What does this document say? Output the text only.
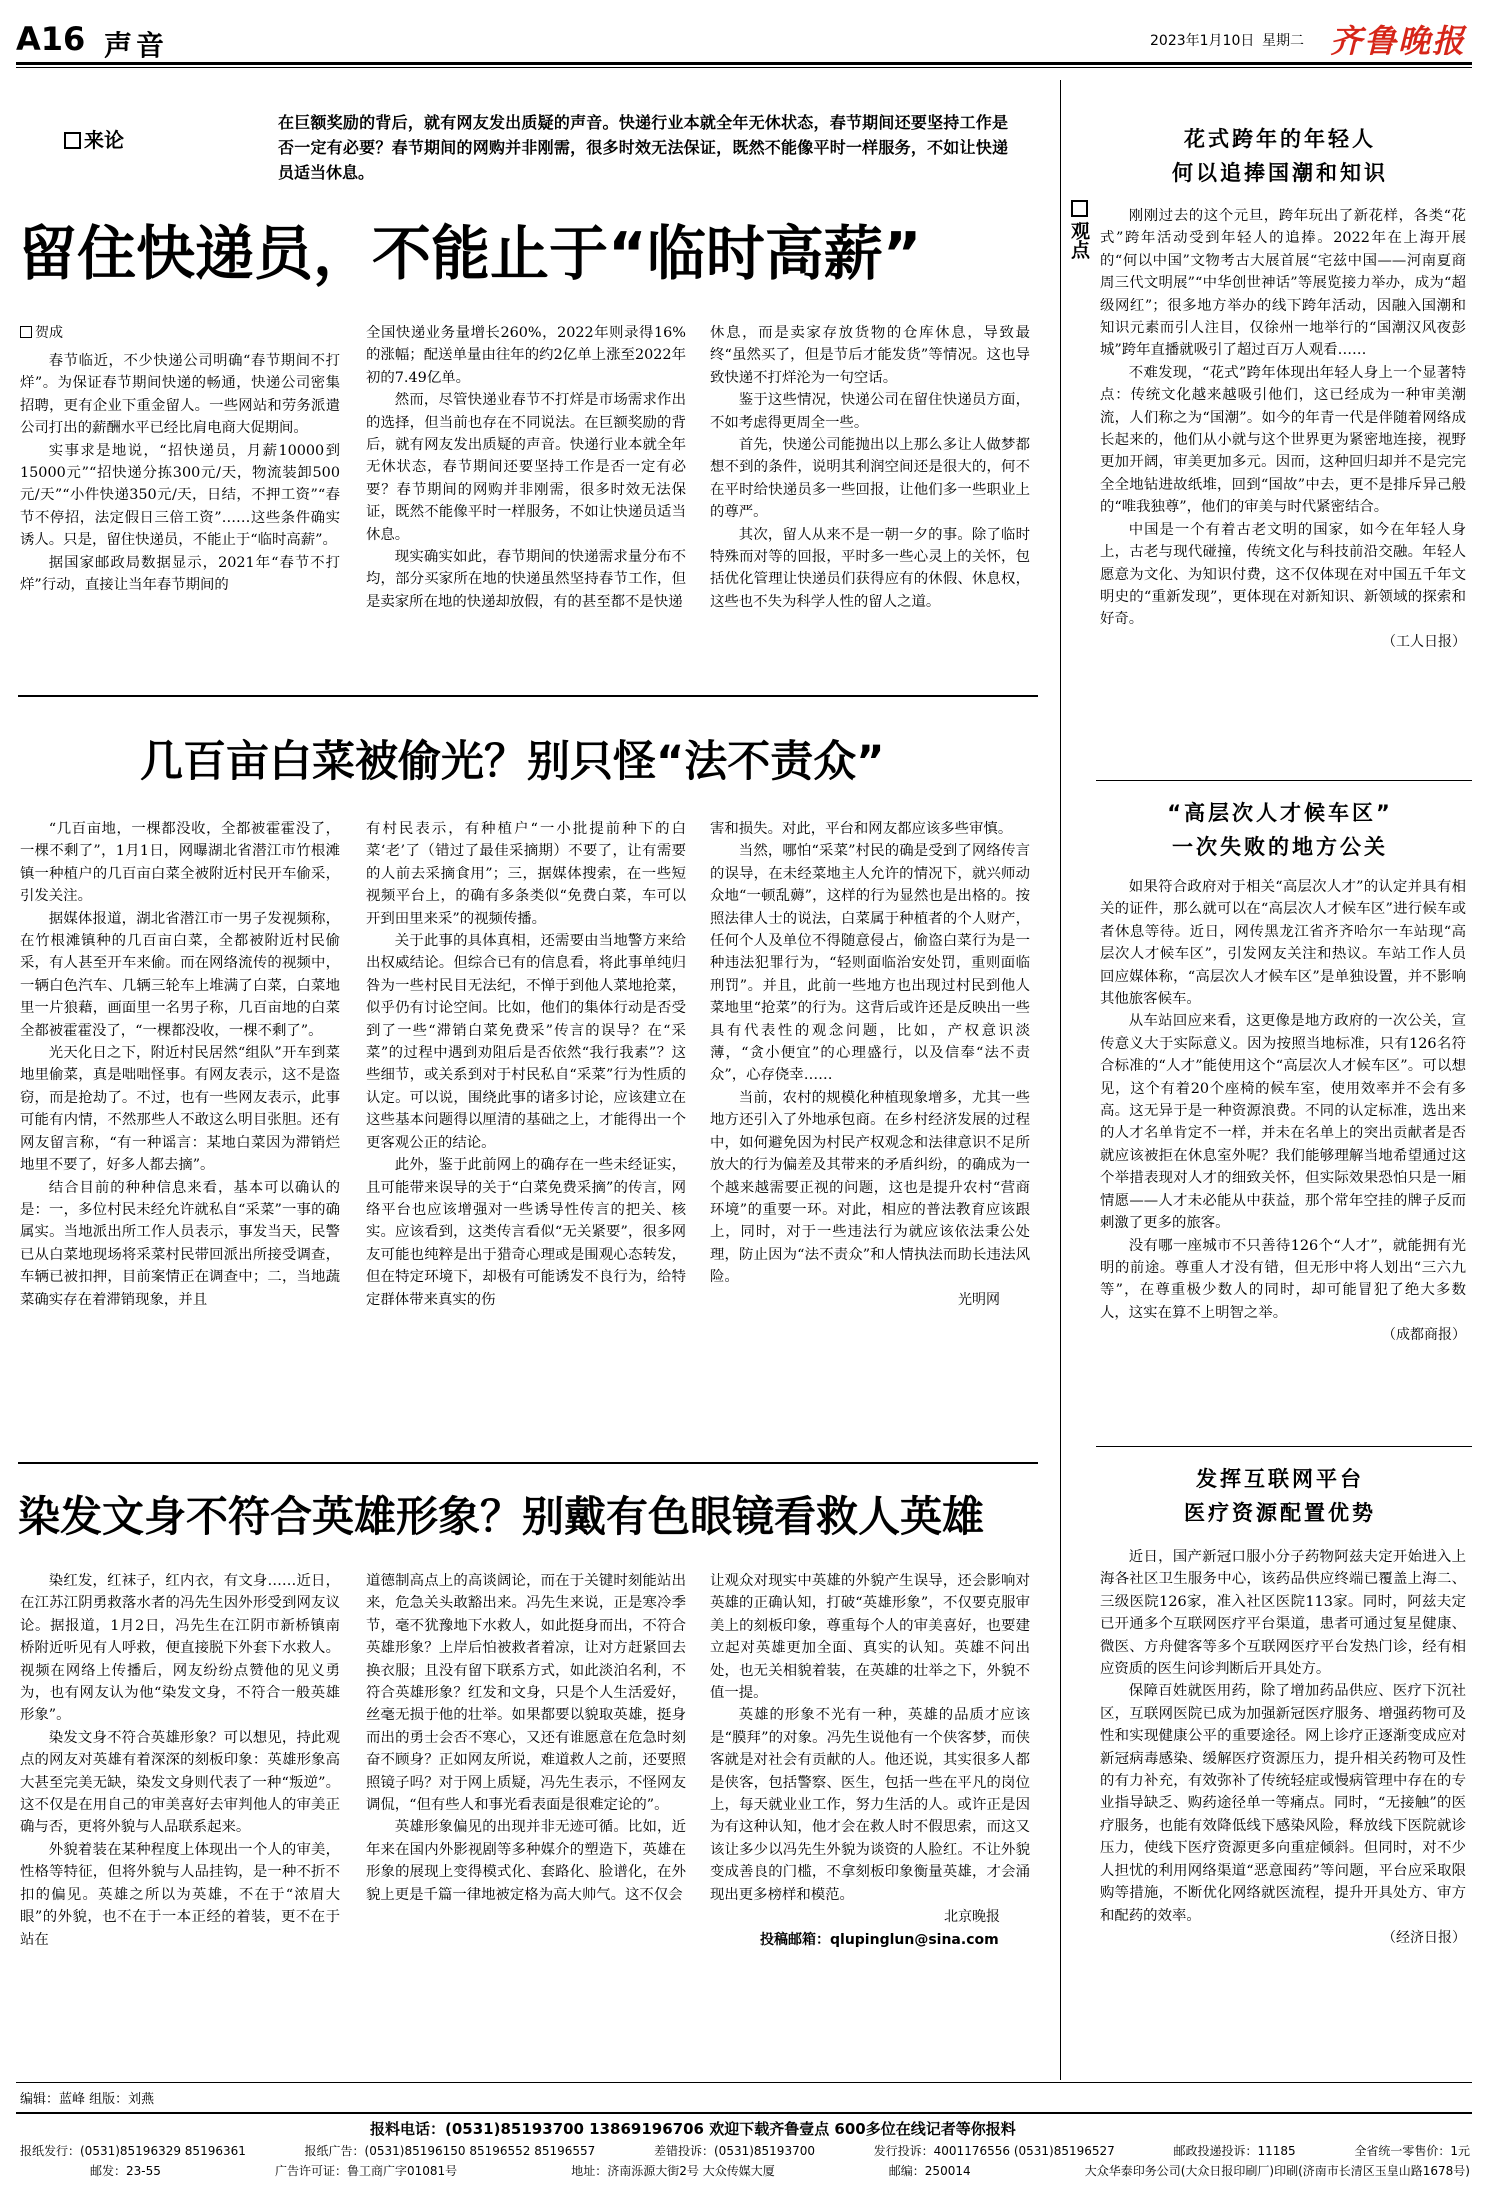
A16 声音	2023年1月10日 星期二 齐鲁晚报
来论
在巨额奖励的背后，就有网友发出质疑的声音。快递行业本就全年无休状态，春节期间还要坚持工作是否一定有必要？春节期间的网购并非刚需，很多时效无法保证，既然不能像平时一样服务，不如让快递员适当休息。
留住快递员，不能止于“临时高薪”
贺成

春节临近，不少快递公司明确“春节期间不打烊”。为保证春节期间快递的畅通，快递公司密集招聘，更有企业下重金留人。一些网站和劳务派遣公司打出的薪酬水平已经比肩电商大促期间。

实事求是地说，“招快递员，月薪10000到15000元”“招快递分拣300元/天，物流装卸500元/天”“小件快递350元/天，日结，不押工资”“春节不停招，法定假日三倍工资”……这些条件确实诱人。只是，留住快递员，不能止于“临时高薪”。

据国家邮政局数据显示，2021年“春节不打烊”行动，直接让当年春节期间的

全国快递业务量增长260%，2022年则录得16%的涨幅；配送单量由往年的约2亿单上涨至2022年初的7.49亿单。

然而，尽管快递业春节不打烊是市场需求作出的选择，但当前也存在不同说法。在巨额奖励的背后，就有网友发出质疑的声音。快递行业本就全年无休状态，春节期间还要坚持工作是否一定有必要？春节期间的网购并非刚需，很多时效无法保证，既然不能像平时一样服务，不如让快递员适当休息。

现实确实如此，春节期间的快递需求量分布不均，部分买家所在地的快递虽然坚持春节工作，但是卖家所在地的快递却放假，有的甚至都不是快递

休息，而是卖家存放货物的仓库休息，导致最终“虽然买了，但是节后才能发货”等情况。这也导致快递不打烊沦为一句空话。

鉴于这些情况，快递公司在留住快递员方面，不如考虑得更周全一些。

首先，快递公司能抛出以上那么多让人做梦都想不到的条件，说明其利润空间还是很大的，何不在平时给快递员多一些回报，让他们多一些职业上的尊严。

其次，留人从来不是一朝一夕的事。除了临时特殊而对等的回报，平时多一些心灵上的关怀，包括优化管理让快递员们获得应有的休假、休息权，这些也不失为科学人性的留人之道。

几百亩白菜被偷光？别只怪“法不责众”

“几百亩地，一棵都没收，全都被霍霍没了，一棵不剩了”，1月1日，网曝湖北省潜江市竹根滩镇一种植户的几百亩白菜全被附近村民开车偷采，引发关注。

据媒体报道，湖北省潜江市一男子发视频称，在竹根滩镇种的几百亩白菜，全都被附近村民偷采，有人甚至开车来偷。而在网络流传的视频中，一辆白色汽车、几辆三轮车上堆满了白菜，白菜地里一片狼藉，画面里一名男子称，几百亩地的白菜全都被霍霍没了，“一棵都没收，一棵不剩了”。

光天化日之下，附近村民居然“组队”开车到菜地里偷菜，真是咄咄怪事。有网友表示，这不是盗窃，而是抢劫了。不过，也有一些网友表示，此事可能有内情，不然那些人不敢这么明目张胆。还有网友留言称，“有一种谣言：某地白菜因为滞销烂地里不要了，好多人都去摘”。

结合目前的种种信息来看，基本可以确认的是：一，多位村民未经允许就私自“采菜”一事的确属实。当地派出所工作人员表示，事发当天，民警已从白菜地现场将采菜村民带回派出所接受调查，车辆已被扣押，目前案情正在调查中；二，当地蔬菜确实存在着滞销现象，并且

有村民表示，有种植户“一小批提前种下的白菜‘老’了（错过了最佳采摘期）不要了，让有需要的人前去采摘食用”；三，据媒体搜索，在一些短视频平台上，的确有多条类似“免费白菜，车可以开到田里来采”的视频传播。

关于此事的具体真相，还需要由当地警方来给出权威结论。但综合已有的信息看，将此事单纯归咎为一些村民目无法纪，不惮于到他人菜地抢菜，似乎仍有讨论空间。比如，他们的集体行动是否受到了一些“滞销白菜免费采”传言的误导？在“采菜”的过程中遇到劝阻后是否依然“我行我素”？这些细节，或关系到对于村民私自“采菜”行为性质的认定。可以说，围绕此事的诸多讨论，应该建立在这些基本问题得以厘清的基础之上，才能得出一个更客观公正的结论。

此外，鉴于此前网上的确存在一些未经证实，且可能带来误导的关于“白菜免费采摘”的传言，网络平台也应该增强对一些诱导性传言的把关、核实。应该看到，这类传言看似“无关紧要”，很多网友可能也纯粹是出于猎奇心理或是围观心态转发，但在特定环境下，却极有可能诱发不良行为，给特定群体带来真实的伤

害和损失。对此，平台和网友都应该多些审慎。

当然，哪怕“采菜”村民的确是受到了网络传言的误导，在未经菜地主人允许的情况下，就兴师动众地“一顿乱薅”，这样的行为显然也是出格的。按照法律人士的说法，白菜属于种植者的个人财产，任何个人及单位不得随意侵占，偷盗白菜行为是一种违法犯罪行为，“轻则面临治安处罚，重则面临刑罚”。并且，此前一些地方也出现过村民到他人菜地里“抢菜”的行为。这背后或许还是反映出一些具有代表性的观念问题，比如，产权意识淡薄，“贪小便宜”的心理盛行，以及信奉“法不责众”，心存侥幸……

当前，农村的规模化种植现象增多，尤其一些地方还引入了外地承包商。在乡村经济发展的过程中，如何避免因为村民产权观念和法律意识不足所放大的行为偏差及其带来的矛盾纠纷，的确成为一个越来越需要正视的问题，这也是提升农村“营商环境”的重要一环。对此，相应的普法教育应该跟上，同时，对于一些违法行为就应该依法秉公处理，防止因为“法不责众”和人情执法而助长违法风险。

光明网

染发文身不符合英雄形象？别戴有色眼镜看救人英雄

染红发，红袜子，红内衣，有文身……近日，在江苏江阴勇救落水者的冯先生因外形受到网友议论。据报道，1月2日，冯先生在江阴市新桥镇南桥附近听见有人呼救，便直接脱下外套下水救人。视频在网络上传播后，网友纷纷点赞他的见义勇为，也有网友认为他“染发文身，不符合一般英雄形象”。

染发文身不符合英雄形象？可以想见，持此观点的网友对英雄有着深深的刻板印象：英雄形象高大甚至完美无缺，染发文身则代表了一种“叛逆”。这不仅是在用自己的审美喜好去审判他人的审美正确与否，更将外貌与人品联系起来。

外貌着装在某种程度上体现出一个人的审美，性格等特征，但将外貌与人品挂钩，是一种不折不扣的偏见。英雄之所以为英雄，不在于“浓眉大眼”的外貌，也不在于一本正经的着装，更不在于站在

道德制高点上的高谈阔论，而在于关键时刻能站出来，危急关头敢豁出来。冯先生来说，正是寒冷季节，毫不犹豫地下水救人，如此挺身而出，不符合英雄形象？上岸后怕被救者着凉，让对方赶紧回去换衣服；且没有留下联系方式，如此淡泊名利，不符合英雄形象？红发和文身，只是个人生活爱好，丝毫无损于他的壮举。如果都要以貌取英雄，挺身而出的勇士会否不寒心，又还有谁愿意在危急时刻奋不顾身？正如网友所说，难道救人之前，还要照照镜子吗？对于网上质疑，冯先生表示，不怪网友调侃，“但有些人和事光看表面是很难定论的”。

英雄形象偏见的出现并非无迹可循。比如，近年来在国内外影视剧等多种媒介的塑造下，英雄在形象的展现上变得模式化、套路化、脸谱化，在外貌上更是千篇一律地被定格为高大帅气。这不仅会

让观众对现实中英雄的外貌产生误导，还会影响对英雄的正确认知，打破“英雄形象”，不仅要克服审美上的刻板印象，尊重每个人的审美喜好，也要建立起对英雄更加全面、真实的认知。英雄不问出处，也无关相貌着装，在英雄的壮举之下，外貌不值一提。

英雄的形象不光有一种，英雄的品质才应该是“膜拜”的对象。冯先生说他有一个侠客梦，而侠客就是对社会有贡献的人。他还说，其实很多人都是侠客，包括警察、医生，包括一些在平凡的岗位上，每天就业业工作，努力生活的人。或许正是因为有这种认知，他才会在救人时不假思索，而这又该让多少以冯先生外貌为谈资的人脸红。不让外貌变成善良的门槛，不拿刻板印象衡量英雄，才会涌现出更多榜样和模范。

北京晚报

投稿邮箱：qlupinglun@sina.com

观点
花式跨年的年轻人
何以追捧国潮和知识

刚刚过去的这个元旦，跨年玩出了新花样，各类“花式”跨年活动受到年轻人的追捧。2022年在上海开展的“何以中国”文物考古大展首展“宅兹中国——河南夏商周三代文明展”“中华创世神话”等展览接力举办，成为“超级网红”；很多地方举办的线下跨年活动，因融入国潮和知识元素而引人注目，仅徐州一地举行的“国潮汉风夜彭城”跨年直播就吸引了超过百万人观看……

不难发现，“花式”跨年体现出年轻人身上一个显著特点：传统文化越来越吸引他们，这已经成为一种审美潮流，人们称之为“国潮”。如今的年青一代是伴随着网络成长起来的，他们从小就与这个世界更为紧密地连接，视野更加开阔，审美更加多元。因而，这种回归却并不是完完全全地钻进故纸堆，回到“国故”中去，更不是排斥异己般的“唯我独尊”，他们的审美与时代紧密结合。

中国是一个有着古老文明的国家，如今在年轻人身上，古老与现代碰撞，传统文化与科技前沿交融。年轻人愿意为文化、为知识付费，这不仅体现在对中国五千年文明史的“重新发现”，更体现在对新知识、新领域的探索和好奇。

（工人日报）

“高层次人才候车区”
一次失败的地方公关

如果符合政府对于相关“高层次人才”的认定并具有相关的证件，那么就可以在“高层次人才候车区”进行候车或者休息等待。近日，网传黑龙江省齐齐哈尔一车站现“高层次人才候车区”，引发网友关注和热议。车站工作人员回应媒体称，“高层次人才候车区”是单独设置，并不影响其他旅客候车。

从车站回应来看，这更像是地方政府的一次公关，宣传意义大于实际意义。因为按照当地标准，只有126名符合标准的“人才”能使用这个“高层次人才候车区”。可以想见，这个有着20个座椅的候车室，使用效率并不会有多高。这无异于是一种资源浪费。不同的认定标准，选出来的人才名单肯定不一样，并未在名单上的突出贡献者是否就应该被拒在休息室外呢？我们能够理解当地希望通过这个举措表现对人才的细致关怀，但实际效果恐怕只是一厢情愿——人才未必能从中获益，那个常年空挂的牌子反而刺激了更多的旅客。

没有哪一座城市不只善待126个“人才”，就能拥有光明的前途。尊重人才没有错，但无形中将人划出“三六九等”，在尊重极少数人的同时，却可能冒犯了绝大多数人，这实在算不上明智之举。

（成都商报）

发挥互联网平台
医疗资源配置优势

近日，国产新冠口服小分子药物阿兹夫定开始进入上海各社区卫生服务中心，该药品供应终端已覆盖上海二、三级医院126家，准入社区医院113家。同时，阿兹夫定已开通多个互联网医疗平台渠道，患者可通过复星健康、微医、方舟健客等多个互联网医疗平台发热门诊，经有相应资质的医生问诊判断后开具处方。

保障百姓就医用药，除了增加药品供应、医疗下沉社区，互联网医院已成为加强新冠医疗服务、增强药物可及性和实现健康公平的重要途径。网上诊疗正逐渐变成应对新冠病毒感染、缓解医疗资源压力，提升相关药物可及性的有力补充，有效弥补了传统轻症或慢病管理中存在的专业指导缺乏、购药途径单一等痛点。同时，“无接触”的医疗服务，也能有效降低线下感染风险，释放线下医院就诊压力，使线下医疗资源更多向重症倾斜。但同时，对不少人担忧的利用网络渠道“恶意囤药”等问题，平台应采取限购等措施，不断优化网络就医流程，提升开具处方、审方和配药的效率。

（经济日报）

编辑：蓝峰 组版：刘燕
报料电话：(0531)85193700 13869196706 欢迎下载齐鲁壹点 600多位在线记者等你报料
报纸发行：(0531)85196329 85196361	报纸广告：(0531)85196150 85196552 85196557	差错投诉：(0531)85193700	发行投诉：4001176556 (0531)85196527	邮政投递投诉：11185	全省统一零售价：1元
邮发：23-55	广告许可证：鲁工商广字01081号	地址：济南泺源大街2号 大众传媒大厦	邮编：250014	大众华泰印务公司(大众日报印刷厂)印刷(济南市长清区玉皇山路1678号)
